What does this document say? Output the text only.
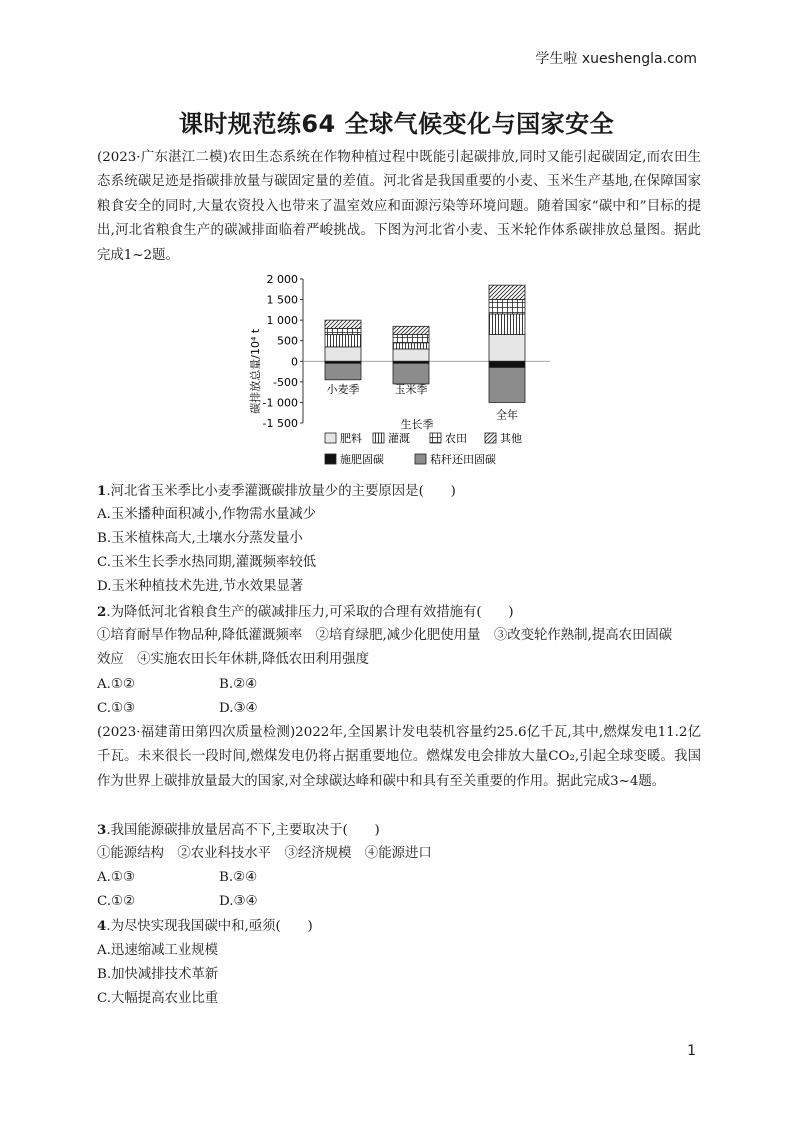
学生啦 xueshengla.com
课时规范练64 全球气候变化与国家安全
(2023·广东湛江二模)农田生态系统在作物种植过程中既能引起碳排放,同时又能引起碳固定,而农田生态系统碳足迹是指碳排放量与碳固定量的差值。河北省是我国重要的小麦、玉米生产基地,在保障国家粮食安全的同时,大量农资投入也带来了温室效应和面源污染等环境问题。随着国家“碳中和”目标的提出,河北省粮食生产的碳减排面临着严峻挑战。下图为河北省小麦、玉米轮作体系碳排放总量图。据此完成1~2题。
2 000
1 500
1 000
500
0
-500
-1 000
-1 500
碳排放总量/10⁴ t	小麦季	玉米季
全年
生长季
肥料 灌溉	农田	其他
施肥固碳	秸秆还田固碳
1.河北省玉米季比小麦季灌溉碳排放量少的主要原因是(　　)
A.玉米播种面积减小,作物需水量减少
B.玉米植株高大,土壤水分蒸发量小
C.玉米生长季水热同期,灌溉频率较低
D.玉米种植技术先进,节水效果显著
2.为降低河北省粮食生产的碳减排压力,可采取的合理有效措施有(　　)
①培育耐旱作物品种,降低灌溉频率　②培育绿肥,减少化肥使用量　③改变轮作熟制,提高农田固碳
效应　④实施农田长年休耕,降低农田利用强度
A.①②	B.②④
C.①③	D.③④
(2023·福建莆田第四次质量检测)2022年,全国累计发电装机容量约25.6亿千瓦,其中,燃煤发电11.2亿千瓦。未来很长一段时间,燃煤发电仍将占据重要地位。燃煤发电会排放大量CO₂,引起全球变暖。我国作为世界上碳排放量最大的国家,对全球碳达峰和碳中和具有至关重要的作用。据此完成3~4题。
3.我国能源碳排放量居高不下,主要取决于(　　)
①能源结构　②农业科技水平　③经济规模　④能源进口
A.①③	B.②④
C.①②	D.③④
4.为尽快实现我国碳中和,亟须(　　)
A.迅速缩减工业规模
B.加快减排技术革新
C.大幅提高农业比重
1
